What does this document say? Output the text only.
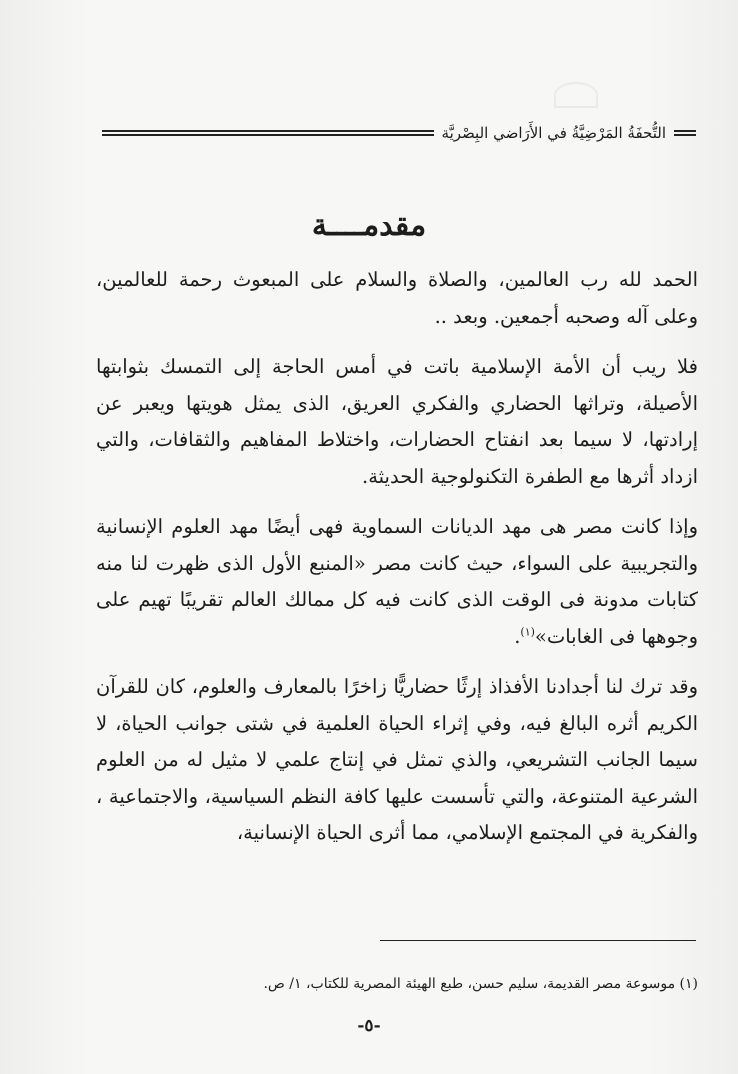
التُّحفَةُ المَرْضِيَّةُ في الأَرَاضي البِصْريَّة
مقدمــــة

الحمد لله رب العالمين، والصلاة والسلام على المبعوث رحمة للعالمين، وعلى آله وصحبه أجمعين. وبعد ..

فلا ريب أن الأمة الإسلامية باتت في أمس الحاجة إلى التمسك بثوابتها الأصيلة، وتراثها الحضاري والفكري العريق، الذى يمثل هويتها ويعبر عن إرادتها، لا سيما بعد انفتاح الحضارات، واختلاط المفاهيم والثقافات، والتي ازداد أثرها مع الطفرة التكنولوجية الحديثة.

وإذا كانت مصر هى مهد الديانات السماوية فهى أيضًا مهد العلوم الإنسانية والتجريبية على السواء، حيث كانت مصر «المنبع الأول الذى ظهرت لنا منه كتابات مدونة فى الوقت الذى كانت فيه كل ممالك العالم تقريبًا تهيم على وجوهها فى الغابات»$^{(١)}$.

وقد ترك لنا أجدادنا الأفذاذ إرثًا حضاريًّا زاخرًا بالمعارف والعلوم، كان للقرآن الكريم أثره البالغ فيه، وفي إثراء الحياة العلمية في شتى جوانب الحياة، لا سيما الجانب التشريعي، والذي تمثل في إنتاج علمي لا مثيل له من العلوم الشرعية المتنوعة، والتي تأسست عليها كافة النظم السياسية، والاجتماعية ، والفكرية في المجتمع الإسلامي، مما أثرى الحياة الإنسانية،

(١) موسوعة مصر القديمة، سليم حسن، طبع الهيئة المصرية للكتاب، ١/ ص.
-٥-
